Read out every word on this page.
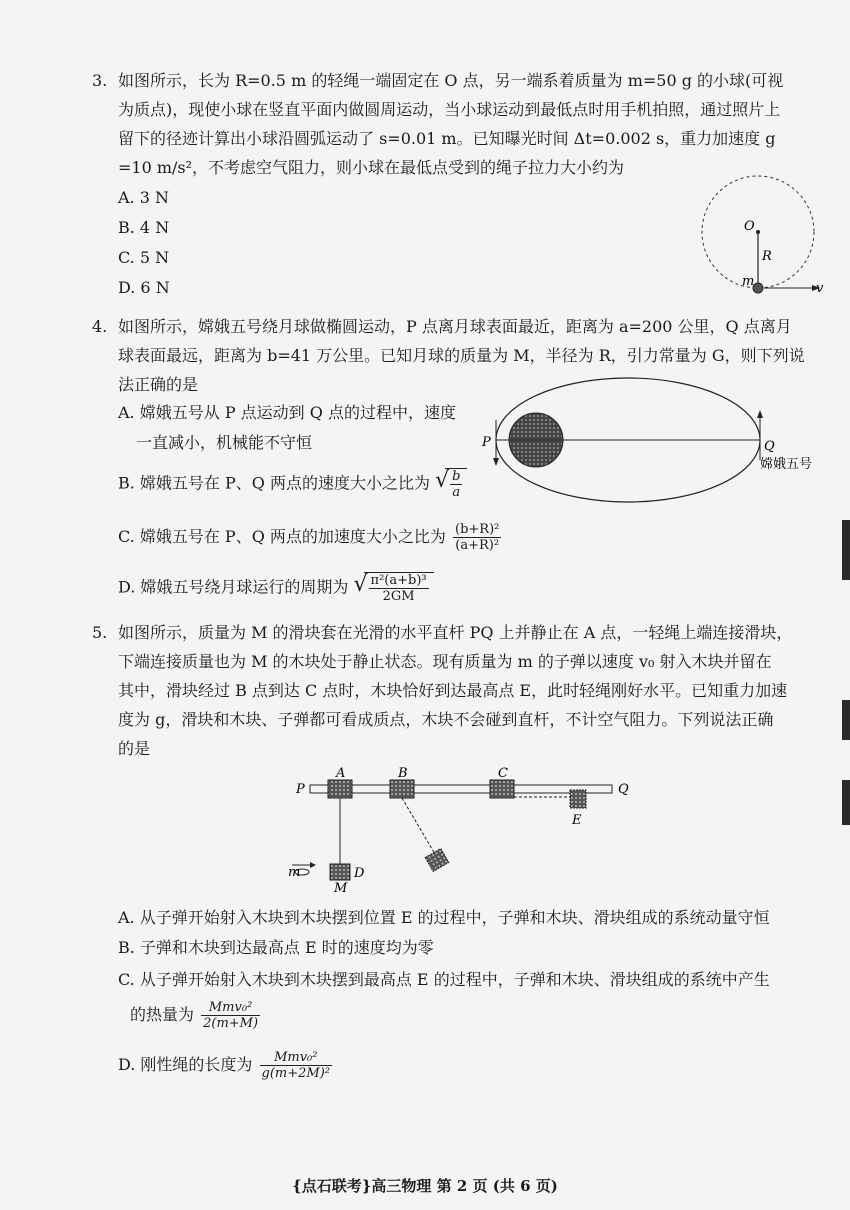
3. 如图所示，长为 R=0.5 m 的轻绳一端固定在 O 点，另一端系着质量为 m=50 g 的小球(可视
为质点)，现使小球在竖直平面内做圆周运动，当小球运动到最低点时用手机拍照，通过照片上
留下的径迹计算出小球沿圆弧运动了 s=0.01 m。已知曝光时间 Δt=0.002 s，重力加速度 g
=10 m/s²，不考虑空气阻力，则小球在最低点受到的绳子拉力大小约为
A. 3 N
B. 4 N
C. 5 N
D. 6 N
O
R
m	v
4. 如图所示，嫦娥五号绕月球做椭圆运动，P 点离月球表面最近，距离为 a=200 公里，Q 点离月
球表面最远，距离为 b=41 万公里。已知月球的质量为 M，半径为 R，引力常量为 G，则下列说
法正确的是
A. 嫦娥五号从 P 点运动到 Q 点的过程中，速度
一直减小，机械能不守恒
B. 嫦娥五号在 P、Q 两点的速度大小之比为 √ $\frac{b}{a}$
C. 嫦娥五号在 P、Q 两点的加速度大小之比为 $\frac{\text{(b+R)²}}{\text{(a+R)²}}$
D. 嫦娥五号绕月球运行的周期为 √ $\frac{\text{π²(a+b)³}}{2GM}$
P	Q
嫦娥五号
5. 如图所示，质量为 M 的滑块套在光滑的水平直杆 PQ 上并静止在 A 点，一轻绳上端连接滑块，
下端连接质量也为 M 的木块处于静止状态。现有质量为 m 的子弹以速度 v₀ 射入木块并留在
其中，滑块经过 B 点到达 C 点时，木块恰好到达最高点 E，此时轻绳刚好水平。已知重力加速
度为 g，滑块和木块、子弹都可看成质点，木块不会碰到直杆，不计空气阻力。下列说法正确
的是
P	Q
A	B	C
D
E
M
m
A. 从子弹开始射入木块到木块摆到位置 E 的过程中，子弹和木块、滑块组成的系统动量守恒
B. 子弹和木块到达最高点 E 时的速度均为零
C. 从子弹开始射入木块到木块摆到最高点 E 的过程中，子弹和木块、滑块组成的系统中产生
的热量为 $\frac{\text{Mmv₀²}}{2(m+M)}$
D. 刚性绳的长度为 $\frac{\text{Mmv₀²}}{\text{g(m+2M)²}}$
{点石联考}高三物理 第 2 页 (共 6 页)
